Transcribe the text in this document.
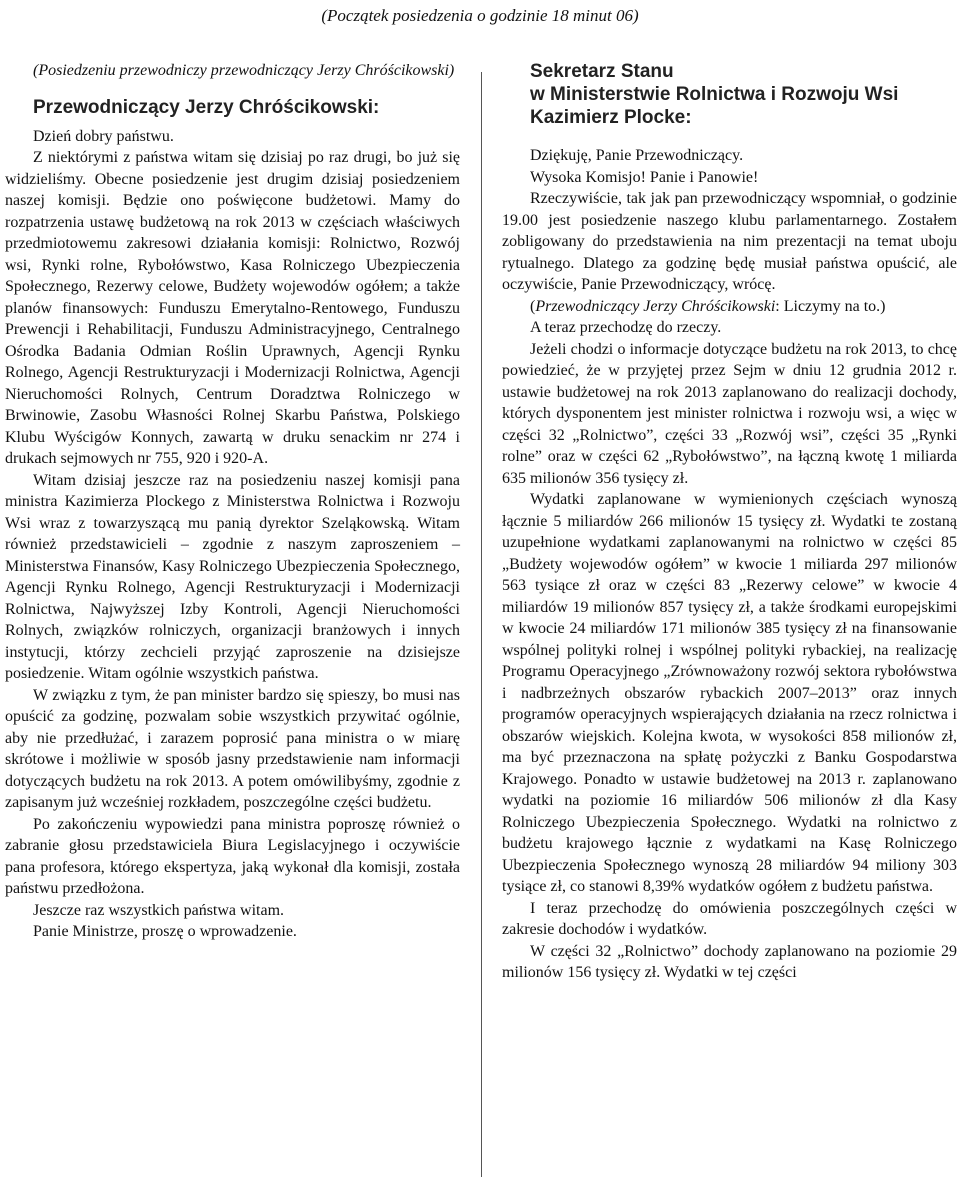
(Początek posiedzenia o godzinie 18 minut 06)

(Posiedzeniu przewodniczy przewodniczący Jerzy Chróścikowski)

Przewodniczący Jerzy Chróścikowski:

Dzień dobry państwu.

Z niektórymi z państwa witam się dzisiaj po raz drugi, bo już się widzieliśmy. Obecne posiedzenie jest drugim dzisiaj posiedzeniem naszej komisji. Będzie ono poświęcone budżetowi. Mamy do rozpatrzenia ustawę budżetową na rok 2013 w częściach właściwych przedmiotowemu zakresowi działania komisji: Rolnictwo, Rozwój wsi, Rynki rolne, Rybołówstwo, Kasa Rolniczego Ubezpieczenia Społecznego, Rezerwy celowe, Budżety wojewodów ogółem; a także planów finansowych: Funduszu Emerytalno-Rentowego, Funduszu Prewencji i Rehabilitacji, Funduszu Administracyjnego, Centralnego Ośrodka Badania Odmian Roślin Uprawnych, Agencji Rynku Rolnego, Agencji Restrukturyzacji i Modernizacji Rolnictwa, Agencji Nieruchomości Rolnych, Centrum Doradztwa Rolniczego w Brwinowie, Zasobu Własności Rolnej Skarbu Państwa, Polskiego Klubu Wyścigów Konnych, zawartą w druku senackim nr 274 i drukach sejmowych nr 755, 920 i 920-A.

Witam dzisiaj jeszcze raz na posiedzeniu naszej komisji pana ministra Kazimierza Plockego z Ministerstwa Rolnictwa i Rozwoju Wsi wraz z towarzyszącą mu panią dyrektor Szeląkowską. Witam również przedstawicieli – zgodnie z naszym zaproszeniem – Ministerstwa Finansów, Kasy Rolniczego Ubezpieczenia Społecznego, Agencji Rynku Rolnego, Agencji Restrukturyzacji i Modernizacji Rolnictwa, Najwyższej Izby Kontroli, Agencji Nieruchomości Rolnych, związków rolniczych, organizacji branżowych i innych instytucji, którzy zechcieli przyjąć zaproszenie na dzisiejsze posiedzenie. Witam ogólnie wszystkich państwa.

W związku z tym, że pan minister bardzo się spieszy, bo musi nas opuścić za godzinę, pozwalam sobie wszystkich przywitać ogólnie, aby nie przedłużać, i zarazem poprosić pana ministra o w miarę skrótowe i możliwie w sposób jasny przedstawienie nam informacji dotyczących budżetu na rok 2013. A potem omówilibyśmy, zgodnie z zapisanym już wcześniej rozkładem, poszczególne części budżetu.

Po zakończeniu wypowiedzi pana ministra poproszę również o zabranie głosu przedstawiciela Biura Legislacyjnego i oczywiście pana profesora, którego ekspertyza, jaką wykonał dla komisji, została państwu przedłożona.

Jeszcze raz wszystkich państwa witam.

Panie Ministrze, proszę o wprowadzenie.

Sekretarz Stanu
w Ministerstwie Rolnictwa i Rozwoju Wsi
Kazimierz Plocke:

Dziękuję, Panie Przewodniczący.

Wysoka Komisjo! Panie i Panowie!

Rzeczywiście, tak jak pan przewodniczący wspomniał, o godzinie 19.00 jest posiedzenie naszego klubu parlamentarnego. Zostałem zobligowany do przedstawienia na nim prezentacji na temat uboju rytualnego. Dlatego za godzinę będę musiał państwa opuścić, ale oczywiście, Panie Przewodniczący, wrócę.

(Przewodniczący Jerzy Chróścikowski: Liczymy na to.)

A teraz przechodzę do rzeczy.

Jeżeli chodzi o informacje dotyczące budżetu na rok 2013, to chcę powiedzieć, że w przyjętej przez Sejm w dniu 12 grudnia 2012 r. ustawie budżetowej na rok 2013 zaplanowano do realizacji dochody, których dysponentem jest minister rolnictwa i rozwoju wsi, a więc w części 32 „Rolnictwo”, części 33 „Rozwój wsi”, części 35 „Rynki rolne” oraz w części 62 „Rybołówstwo”, na łączną kwotę 1 miliarda 635 milionów 356 tysięcy zł.

Wydatki zaplanowane w wymienionych częściach wynoszą łącznie 5 miliardów 266 milionów 15 tysięcy zł. Wydatki te zostaną uzupełnione wydatkami zaplanowanymi na rolnictwo w części 85 „Budżety wojewodów ogółem” w kwocie 1 miliarda 297 milionów 563 tysiące zł oraz w części 83 „Rezerwy celowe” w kwocie 4 miliardów 19 milionów 857 tysięcy zł, a także środkami europejskimi w kwocie 24 miliardów 171 milionów 385 tysięcy zł na finansowanie wspólnej polityki rolnej i wspólnej polityki rybackiej, na realizację Programu Operacyjnego „Zrównoważony rozwój sektora rybołówstwa i nadbrzeżnych obszarów rybackich 2007–2013” oraz innych programów operacyjnych wspierających działania na rzecz rolnictwa i obszarów wiejskich. Kolejna kwota, w wysokości 858 milionów zł, ma być przeznaczona na spłatę pożyczki z Banku Gospodarstwa Krajowego. Ponadto w ustawie budżetowej na 2013 r. zaplanowano wydatki na poziomie 16 miliardów 506 milionów zł dla Kasy Rolniczego Ubezpieczenia Społecznego. Wydatki na rolnictwo z budżetu krajowego łącznie z wydatkami na Kasę Rolniczego Ubezpieczenia Społecznego wynoszą 28 miliardów 94 miliony 303 tysiące zł, co stanowi 8,39% wydatków ogółem z budżetu państwa.

I teraz przechodzę do omówienia poszczególnych części w zakresie dochodów i wydatków.

W części 32 „Rolnictwo” dochody zaplanowano na poziomie 29 milionów 156 tysięcy zł. Wydatki w tej części
